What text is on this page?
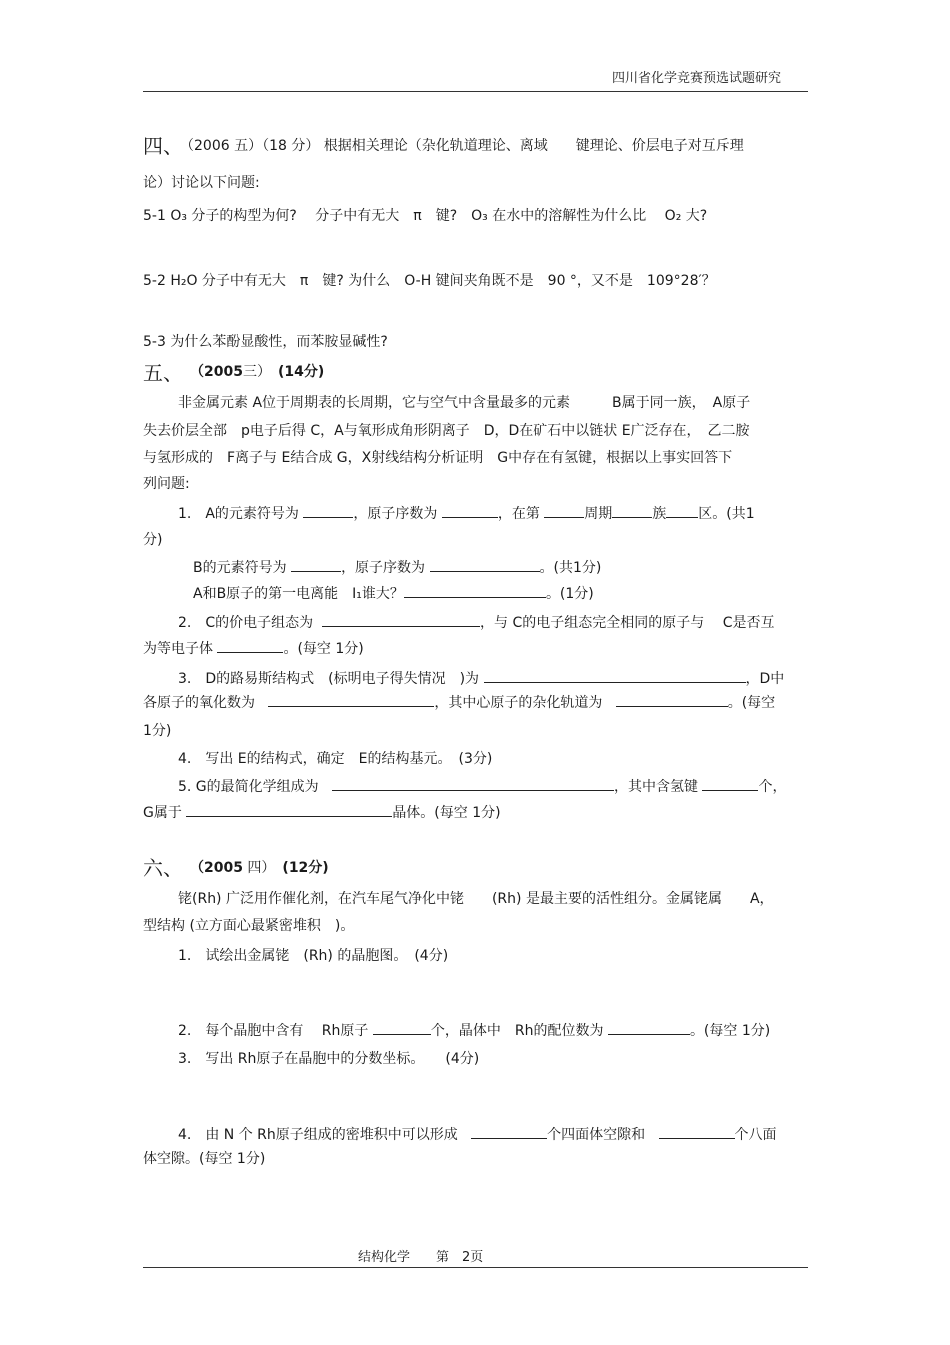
四川省化学竞赛预选试题研究
四、
（2006 五）（18 分） 根据相关理论（杂化轨道理论、离域　　键理论、价层电子对互斥理
论）讨论以下问题:
5-1 O₃ 分子的构型为何?　 分子中有无大　π　键?　O₃ 在水中的溶解性为什么比　 O₂ 大?
5-2 H₂O 分子中有无大　π　键? 为什么　O-H 键间夹角既不是　90 °，又不是　109°28′？
5-3 为什么苯酚显酸性，而苯胺显碱性?
五、 （2005三）　 (14分)
非金属元素 A位于周期表的长周期，它与空气中含量最多的元素　　　B属于同一族，　A原子
失去价层全部　p电子后得 C，A与氧形成角形阴离子　D，D在矿石中以链状 E广泛存在，　乙二胺
与氢形成的　F离子与 E结合成 G，X射线结构分析证明　G中存在有氢键，根据以上事实回答下
列问题:
1.　A的元素符号为	，原子序数为	，在第	周期	族 区。(共1
分)
B的元素符号为	，原子序数为	。(共1分)
A和B原子的第一电离能　I₁谁大？	。(1分)
2.　C的价电子组态为	，与 C的电子组态完全相同的原子与　 C是否互
为等电子体	。(每空 1分)
3.　D的路易斯结构式　(标明电子得失情况　)为	，D中
各原子的氧化数为	，其中心原子的杂化轨道为	。(每空
1分)
4.　写出 E的结构式，确定　E的结构基元。　(3分)
5. G的最简化学组成为	，其中含氢键	个，
G属于	晶体。(每空 1分)
六、 （2005 四）　 (12分)
铑(Rh) 广泛用作催化剂，在汽车尾气净化中铑　　(Rh) 是最主要的活性组分。金属铑属　　A，
型结构 (立方面心最紧密堆积　)。
1.　试绘出金属铑　(Rh) 的晶胞图。　(4分)
2.　每个晶胞中含有　 Rh原子	个，晶体中　Rh的配位数为	。(每空 1分)
3.　写出 Rh原子在晶胞中的分数坐标。　　(4分)
4.　由 N 个 Rh原子组成的密堆积中可以形成	个四面体空隙和	个八面
体空隙。(每空 1分)
结构化学　　 第　2页
